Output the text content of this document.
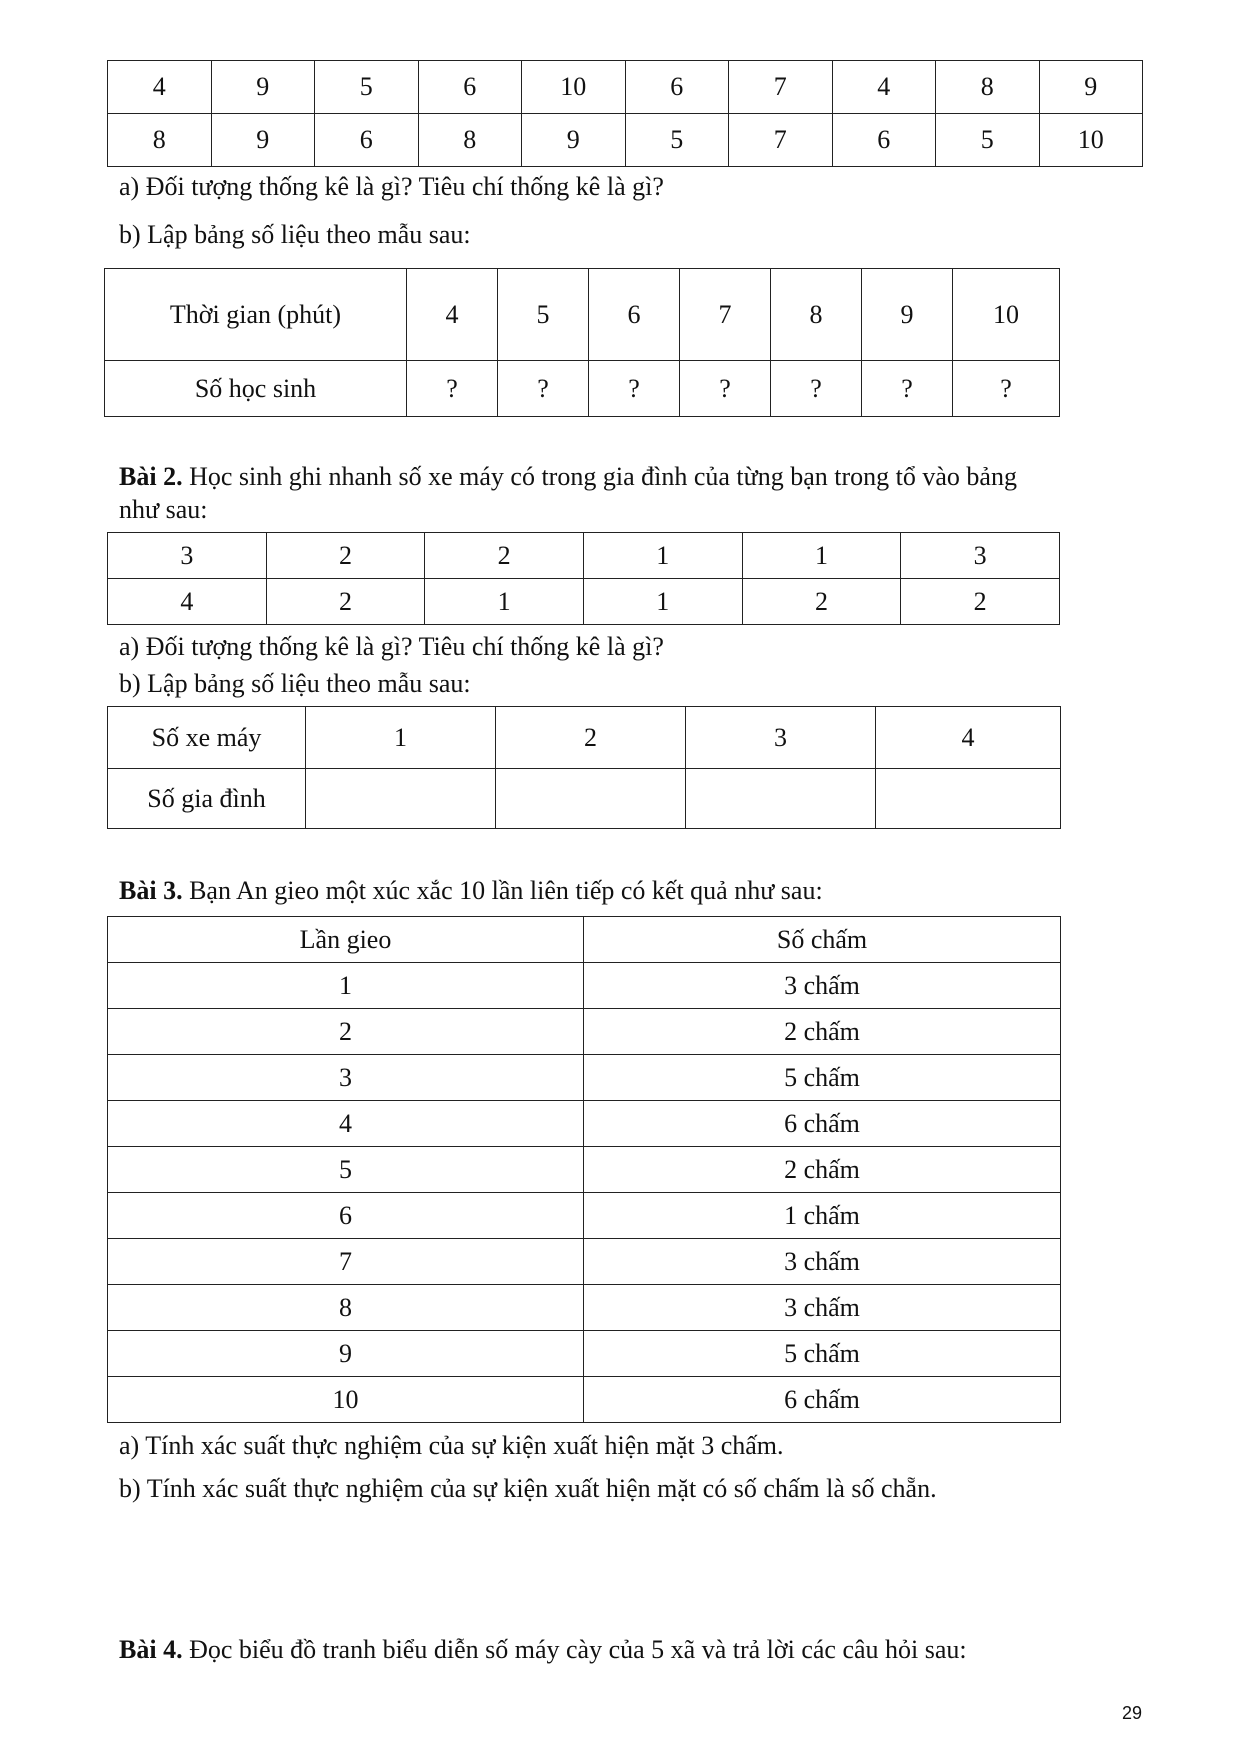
4	9	5	6	10	6	7	4	8	9
8	9	6	8	9	5	7	6	5	10
a) Đối tượng thống kê là gì? Tiêu chí thống kê là gì?
b) Lập bảng số liệu theo mẫu sau:
Thời gian (phút)	4	5	6	7	8	9	10
Số học sinh	?	?	?	?	?	?	?
Bài 2. Học sinh ghi nhanh số xe máy có trong gia đình của từng bạn trong tổ vào bảng
như sau:
3	2	2	1	1	3
4	2	1	1	2	2
a) Đối tượng thống kê là gì? Tiêu chí thống kê là gì?
b) Lập bảng số liệu theo mẫu sau:
Số xe máy	1	2	3	4
Số gia đình				
Bài 3. Bạn An gieo một xúc xắc 10 lần liên tiếp có kết quả như sau:
Lần gieo	Số chấm
1	3 chấm
2	2 chấm
3	5 chấm
4	6 chấm
5	2 chấm
6	1 chấm
7	3 chấm
8	3 chấm
9	5 chấm
10	6 chấm
a) Tính xác suất thực nghiệm của sự kiện xuất hiện mặt 3 chấm.
b) Tính xác suất thực nghiệm của sự kiện xuất hiện mặt có số chấm là số chẵn.
Bài 4. Đọc biểu đồ tranh biểu diễn số máy cày của 5 xã và trả lời các câu hỏi sau:
29
